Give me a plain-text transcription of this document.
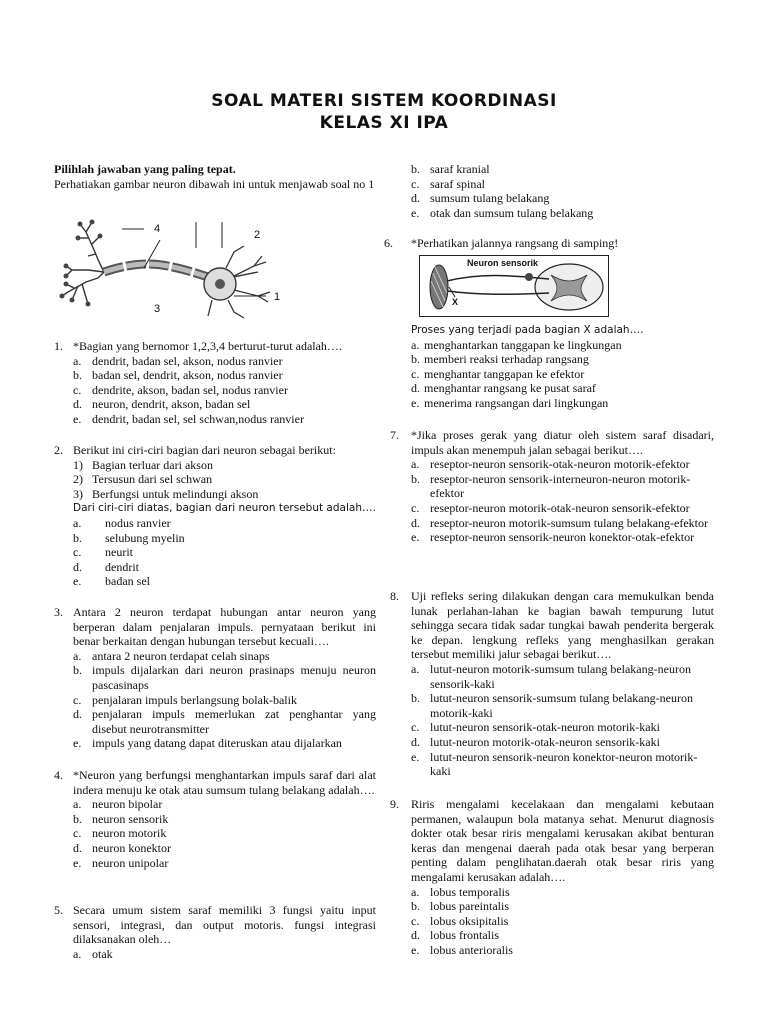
SOAL MATERI SISTEM KOORDINASI
KELAS XI IPA

Pilihlah jawaban yang paling tepat.

Perhatiakan gambar neuron dibawah ini untuk menjawab soal no 1

4	2
1
3
1. *Bagian yang bernomor 1,2,3,4 berturut-turut adalah….
a. dendrit, badan sel, akson, nodus ranvier
b. badan sel, dendrit, akson, nodus ranvier
c. dendrite, akson, badan sel, nodus ranvier
d. neuron, dendrit, akson, badan sel
e. dendrit, badan sel, sel schwan,nodus ranvier
2. Berikut ini ciri-ciri bagian dari neuron sebagai berikut:
1) Bagian terluar dari akson
2) Tersusun dari sel schwan
3) Berfungsi untuk melindungi akson

Dari ciri-ciri diatas, bagian dari neuron tersebut adalah….

a.	nodus ranvier
b.	selubung myelin
c.	neurit
d.	dendrit
e.	badan sel
3. Antara 2 neuron terdapat hubungan antar neuron yang berperan dalam penjalaran impuls. pernyataan berikut ini benar berkaitan dengan hubungan tersebut kecuali….
a. antara 2 neuron terdapat celah sinaps
b. impuls dijalarkan dari neuron prasinaps menuju neuron pascasinaps
c. penjalaran impuls berlangsung bolak-balik
d. penjalaran impuls memerlukan zat penghantar yang disebut neurotransmitter
e. impuls yang datang dapat diteruskan atau dijalarkan
4. *Neuron yang berfungsi menghantarkan impuls saraf dari alat indera menuju ke otak atau sumsum tulang belakang adalah….
a. neuron bipolar
b. neuron sensorik
c. neuron motorik
d. neuron konektor
e. neuron unipolar
5. Secara umum sistem saraf memiliki 3 fungsi yaitu input sensori, integrasi, dan output motoris. fungsi integrasi dilaksanakan oleh…
a. otak
b. saraf kranial
c. saraf spinal
d. sumsum tulang belakang
e. otak dan sumsum tulang belakang
6.	*Perhatikan jalannya rangsang di samping!
Neuron sensorik
X

Proses yang terjadi pada bagian X adalah….

a. menghantarkan tanggapan ke lingkungan
b. memberi reaksi terhadap rangsang
c. menghantar tanggapan ke efektor
d. menghantar rangsang ke pusat saraf
e. menerima rangsangan dari lingkungan
7.	*Jika proses gerak yang diatur oleh sistem saraf disadari, impuls akan menempuh jalan sebagai berikut….
a. reseptor-neuron sensorik-otak-neuron motorik-efektor
b. reseptor-neuron sensorik-interneuron-neuron motorik-efektor
c. reseptor-neuron motorik-otak-neuron sensorik-efektor
d. reseptor-neuron motorik-sumsum tulang belakang-efektor
e. reseptor-neuron sensorik-neuron konektor-otak-efektor
8.	Uji refleks sering dilakukan dengan cara memukulkan benda lunak perlahan-lahan ke bagian bawah tempurung lutut sehingga secara tidak sadar tungkai bawah penderita bergerak ke depan. lengkung refleks yang menghasilkan gerakan tersebut memiliki jalur sebagai berikut….
a. lutut-neuron motorik-sumsum tulang belakang-neuron sensorik-kaki
b. lutut-neuron sensorik-sumsum tulang belakang-neuron motorik-kaki
c. lutut-neuron sensorik-otak-neuron motorik-kaki
d. lutut-neuron motorik-otak-neuron sensorik-kaki
e. lutut-neuron sensorik-neuron konektor-neuron motorik-kaki
9.	Riris mengalami kecelakaan dan mengalami kebutaan permanen, walaupun bola matanya sehat. Menurut diagnosis dokter otak besar riris mengalami kerusakan akibat benturan keras dan mengenai daerah pada otak besar yang berperan penting dalam penglihatan.daerah otak besar riris yang mengalami kerusakan adalah….
a. lobus temporalis
b. lobus pareintalis
c. lobus oksipitalis
d. lobus frontalis
e. lobus anterioralis
